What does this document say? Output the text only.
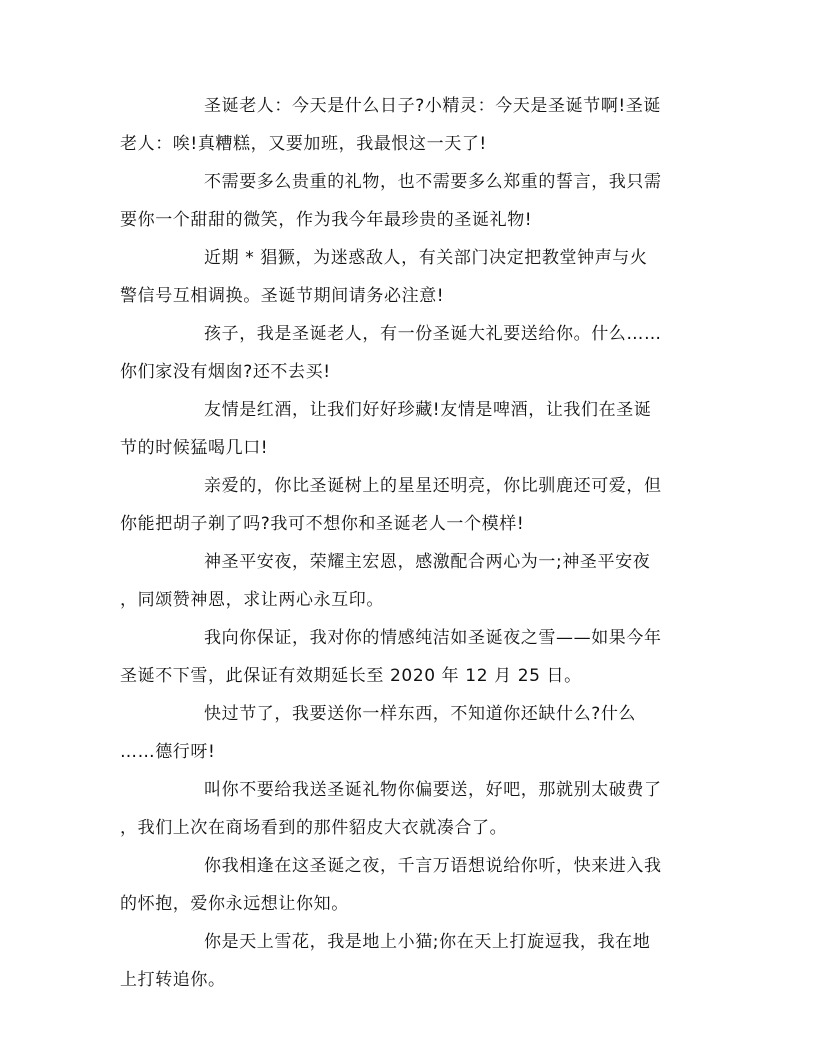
圣诞老人：今天是什么日子?小精灵：今天是圣诞节啊!圣诞
老人：唉!真糟糕，又要加班，我最恨这一天了!

不需要多么贵重的礼物，也不需要多么郑重的誓言，我只需
要你一个甜甜的微笑，作为我今年最珍贵的圣诞礼物!

近期 * 猖獗，为迷惑敌人，有关部门决定把教堂钟声与火
警信号互相调换。圣诞节期间请务必注意!

孩子，我是圣诞老人，有一份圣诞大礼要送给你。什么……
你们家没有烟囱?还不去买!

友情是红酒，让我们好好珍藏!友情是啤酒，让我们在圣诞
节的时候猛喝几口!

亲爱的，你比圣诞树上的星星还明亮，你比驯鹿还可爱，但
你能把胡子剃了吗?我可不想你和圣诞老人一个模样!

神圣平安夜，荣耀主宏恩，感激配合两心为一;神圣平安夜
，同颂赞神恩，求让两心永互印。

我向你保证，我对你的情感纯洁如圣诞夜之雪——如果今年
圣诞不下雪，此保证有效期延长至 2020 年 12 月 25 日。

快过节了，我要送你一样东西，不知道你还缺什么?什么
……德行呀!

叫你不要给我送圣诞礼物你偏要送，好吧，那就别太破费了
，我们上次在商场看到的那件貂皮大衣就凑合了。

你我相逢在这圣诞之夜，千言万语想说给你听，快来进入我
的怀抱，爱你永远想让你知。

你是天上雪花，我是地上小猫;你在天上打旋逗我，我在地
上打转追你。
